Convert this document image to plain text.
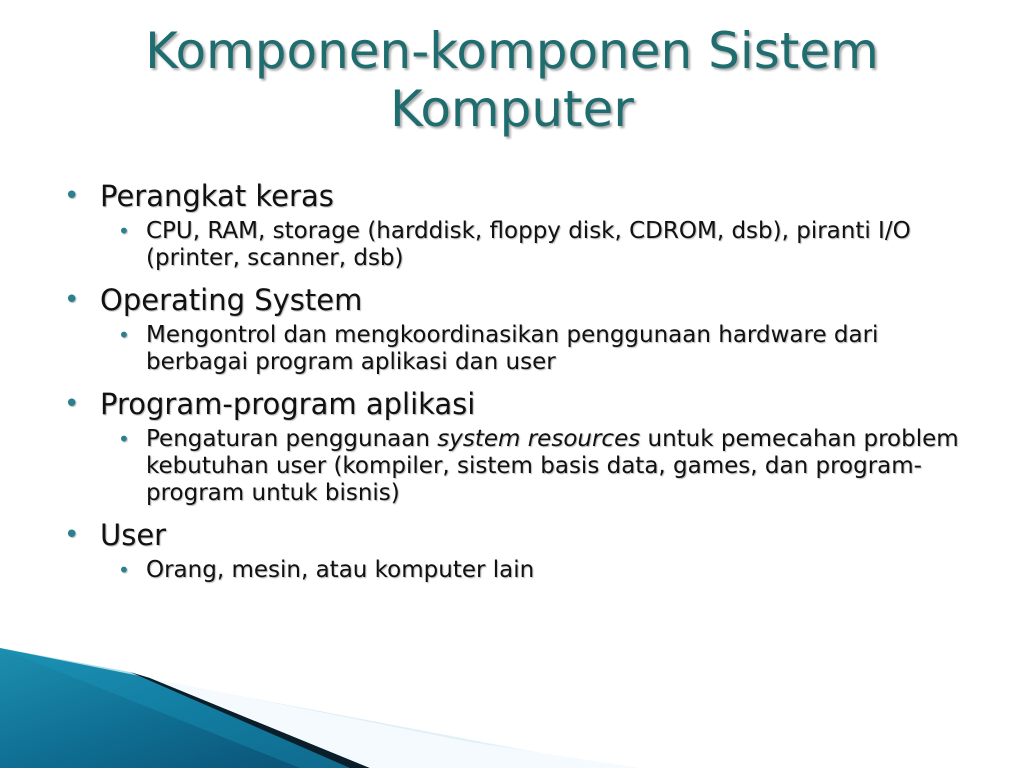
Komponen-komponen Sistem Komputer
• Perangkat keras
• CPU, RAM, storage (harddisk, floppy disk, CDROM, dsb), piranti I/O (printer, scanner, dsb)
• Operating System
• Mengontrol dan mengkoordinasikan penggunaan hardware dari berbagai program aplikasi dan user
• Program-program aplikasi
• Pengaturan penggunaan system resources untuk pemecahan problem kebutuhan user (kompiler, sistem basis data, games, dan program-program untuk bisnis)
• User
• Orang, mesin, atau komputer lain
